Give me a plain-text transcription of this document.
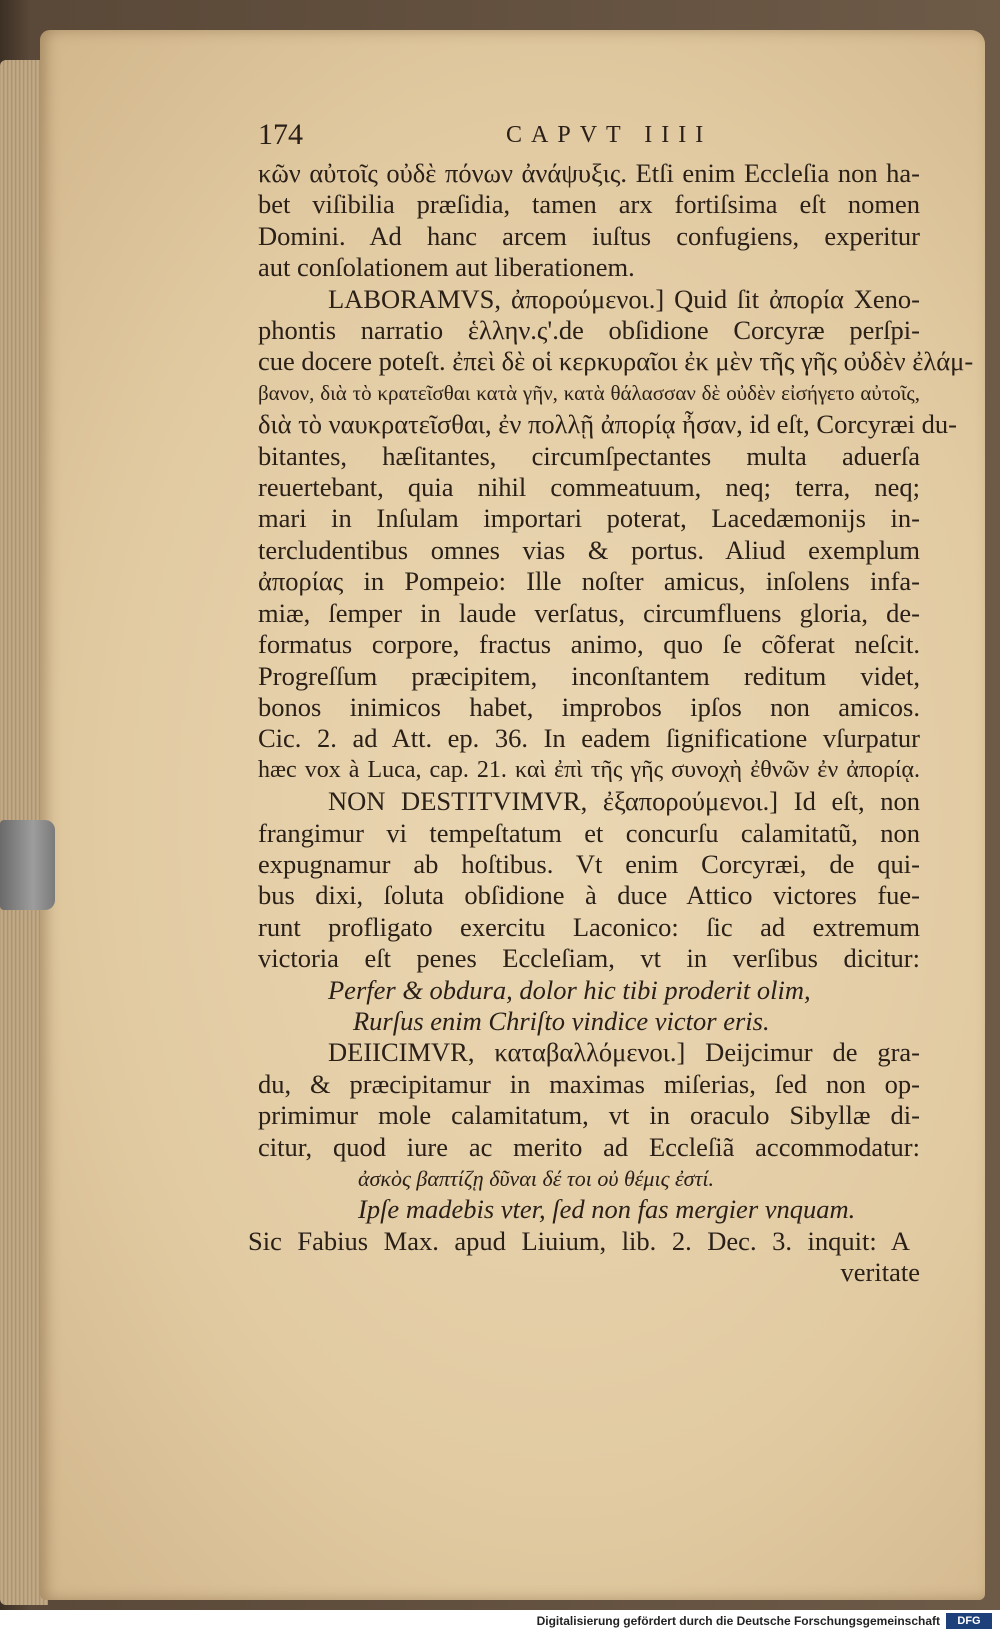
174	CAPVT IIII
κῶν αὐτοῖς οὐδὲ πόνων ἀνάψυξις. Etſi enim Eccleſia non ha-
bet viſibilia præſidia, tamen arx fortiſsima eſt nomen
Domini. Ad hanc arcem iuſtus confugiens, experitur
aut conſolationem aut liberationem.
LABORAMVS, ἀπορούμενοι.] Quid ſit ἀπορία Xeno-
phontis narratio ἑλλην.ς'.de obſidione Corcyræ perſpi-
cue docere poteſt. ἐπεὶ δὲ οἱ κερκυραῖοι ἐκ μὲν τῆς γῆς οὐδὲν ἐλάμ-
βανον, διὰ τὸ κρατεῖσθαι κατὰ γῆν, κατὰ θάλασσαν δὲ οὐδὲν εἰσήγετο αὐτοῖς,
διὰ τὸ ναυκρατεῖσθαι, ἐν πολλῇ ἀπορίᾳ ἦσαν, id eſt, Corcyræi du-
bitantes, hæſitantes, circumſpectantes multa aduerſa
reuertebant, quia nihil commeatuum, neq; terra, neq;
mari in Inſulam importari poterat, Lacedæmonijs in-
tercludentibus omnes vias & portus. Aliud exemplum
ἀπορίας in Pompeio: Ille noſter amicus, inſolens infa-
miæ, ſemper in laude verſatus, circumfluens gloria, de-
formatus corpore, fractus animo, quo ſe cõferat neſcit.
Progreſſum præcipitem, inconſtantem reditum videt,
bonos inimicos habet, improbos ipſos non amicos.
Cic. 2. ad Att. ep. 36. In eadem ſignificatione vſurpatur
hæc vox à Luca, cap. 21. καὶ ἐπὶ τῆς γῆς συνοχὴ ἐθνῶν ἐν ἀπορίᾳ.
NON DESTITVIMVR, ἐξαπορούμενοι.] Id eſt, non
frangimur vi tempeſtatum et concurſu calamitatũ, non
expugnamur ab hoſtibus. Vt enim Corcyræi, de qui-
bus dixi, ſoluta obſidione à duce Attico victores fue-
runt profligato exercitu Laconico: ſic ad extremum
victoria eſt penes Eccleſiam, vt in verſibus dicitur:
Perfer & obdura, dolor hic tibi proderit olim,
Rurſus enim Chriſto vindice victor eris.
DEIICIMVR, καταβαλλόμενοι.] Deijcimur de gra-
du, & præcipitamur in maximas miſerias, ſed non op-
primimur mole calamitatum, vt in oraculo Sibyllæ di-
citur, quod iure ac merito ad Eccleſiã accommodatur:
ἀσκὸς βαπτίζῃ δῦναι δέ τοι οὐ θέμις ἐστί.
Ipſe madebis vter, ſed non fas mergier vnquam.
Sic Fabius Max. apud Liuium, lib. 2. Dec. 3. inquit: A
veritate
Digitalisierung gefördert durch die Deutsche Forschungsgemeinschaft	DFG
